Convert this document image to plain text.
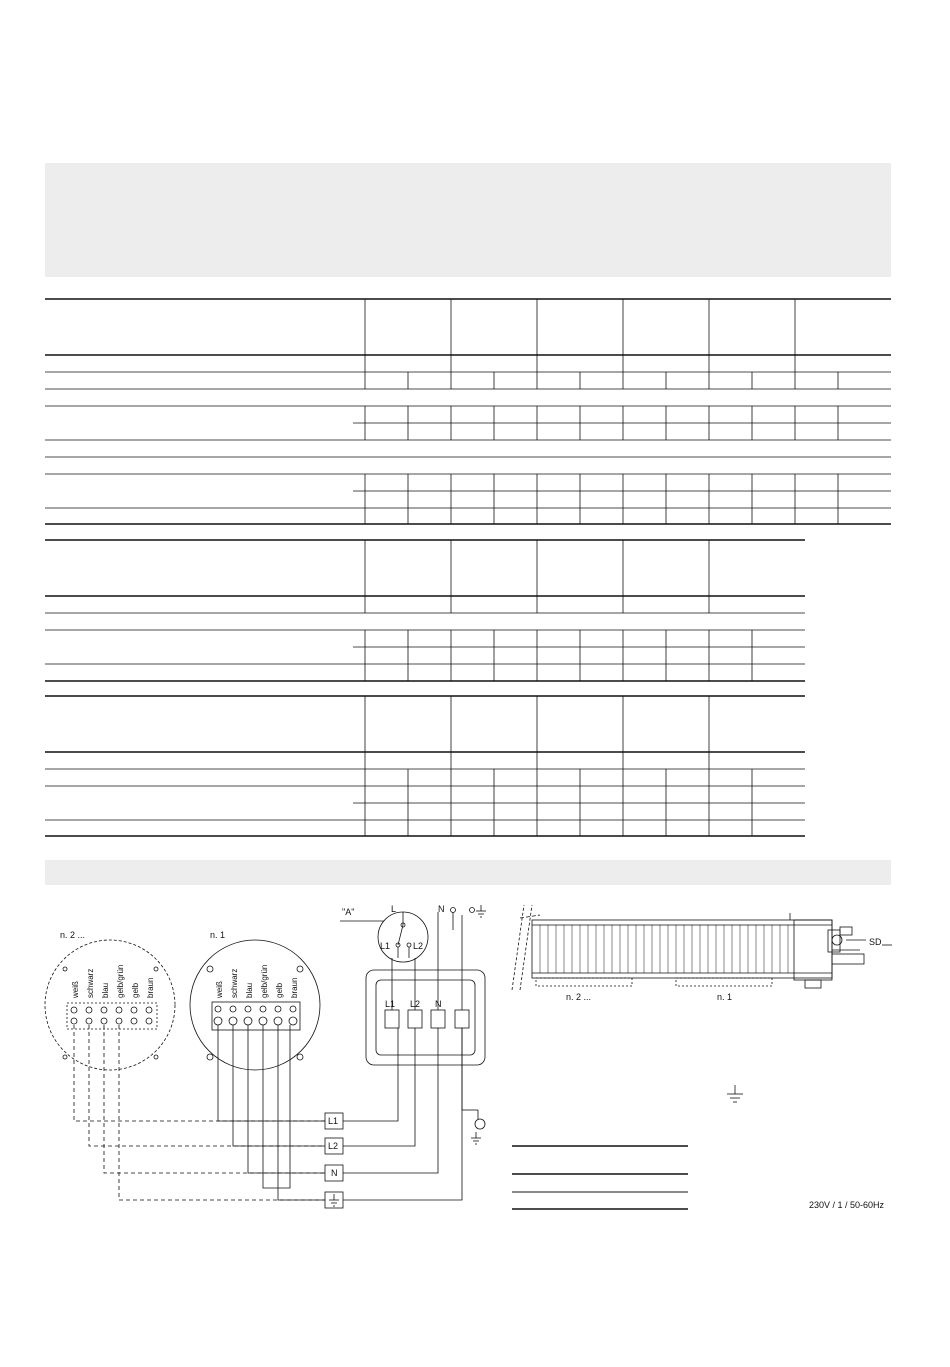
"A"	L
L1	L2
N
L1 L2 N
n. 2 ...	n. 1
weiß schwarz blau gelb/grün gelb braun	weiß schwarz blau gelb/grün gelb braun
L1
L2
N
SD
n. 2 ...	n. 1
230V / 1 / 50-60Hz
